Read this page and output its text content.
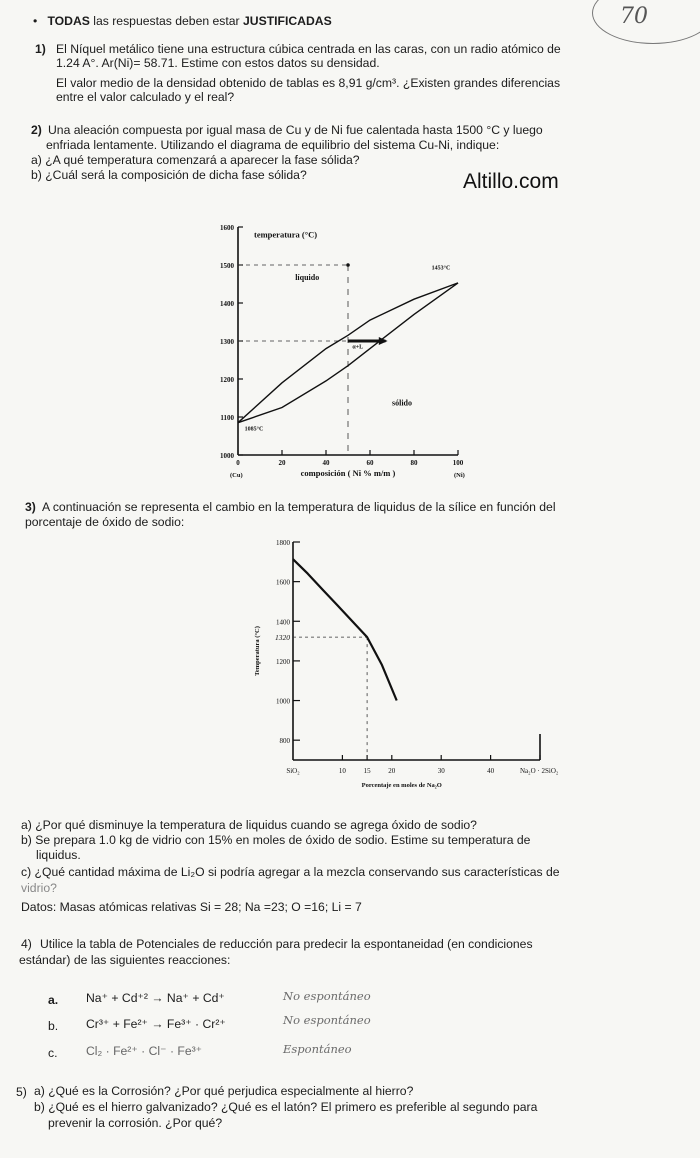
70
• TODAS las respuestas deben estar JUSTIFICADAS
1) El Níquel metálico tiene una estructura cúbica centrada en las caras, con un radio atómico de
1.24 A°. Ar(Ni)= 58.71. Estime con estos datos su densidad.
El valor medio de la densidad obtenido de tablas es 8,91 g/cm³. ¿Existen grandes diferencias
entre el valor calculado y el real?
2) Una aleación compuesta por igual masa de Cu y de Ni fue calentada hasta 1500 °C y luego
enfriada lentamente. Utilizando el diagrama de equilibrio del sistema Cu-Ni, indique:
a) ¿A qué temperatura comenzará a aparecer la fase sólida?
b) ¿Cuál será la composición de dicha fase sólida?	Altillo.com
1000
1100
1200
1300
1400
1500
1600
0	20	40	60	80	100
(Cu)	(Ni)
temperatura (°C)
composición ( Ni % m/m )
líquido
sólido
α+L
1453°C
1085°C
3) A continuación se representa el cambio en la temperatura de liquidus de la sílice en función del
porcentaje de óxido de sodio:
800
1000
1200
1400
1600
1800
1320
SiO₂	10	15	20	30	40	Na₂O · 2SiO₂
Porcentaje en moles de Na₂O
Temperatura (°C)
a) ¿Por qué disminuye la temperatura de liquidus cuando se agrega óxido de sodio?
b) Se prepara 1.0 kg de vidrio con 15% en moles de óxido de sodio. Estime su temperatura de
liquidus.
c) ¿Qué cantidad máxima de Li₂O si podría agregar a la mezcla conservando sus características de
vidrio?
Datos: Masas atómicas relativas Si = 28; Na =23; O =16; Li = 7
4) Utilice la tabla de Potenciales de reducción para predecir la espontaneidad (en condiciones
estándar) de las siguientes reacciones:
a. Na⁺ + Cd⁺² → Na⁺ + Cd⁺	No espontáneo
b. Cr³⁺ + Fe²⁺ → Fe³⁺ · Cr²⁺	No espontáneo
c. Cl₂ · Fe²⁺ · Cl⁻ · Fe³⁺	Espontáneo
5) a) ¿Qué es la Corrosión? ¿Por qué perjudica especialmente al hierro?
b) ¿Qué es el hierro galvanizado? ¿Qué es el latón? El primero es preferible al segundo para
prevenir la corrosión. ¿Por qué?
